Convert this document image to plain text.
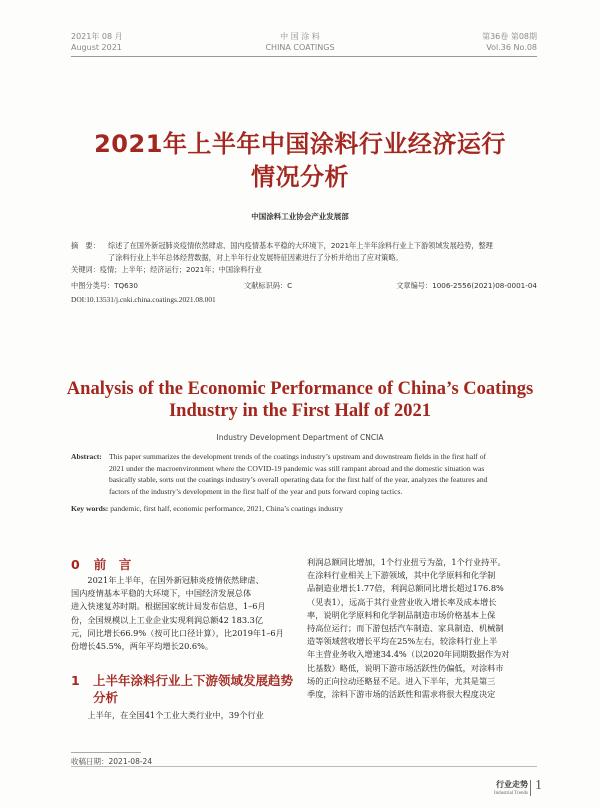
2021年 08 月
August 2021
中 国 涂 料
CHINA COATINGS
第36卷 第08期
Vol.36 No.08
2021年上半年中国涂料行业经济运行
情况分析
中国涂料工业协会产业发展部
摘　要： 综述了在国外新冠肺炎疫情依然肆虐、国内疫情基本平稳的大环境下，2021年上半年涂料行业上下游领域发展趋势，整理
了涂料行业上半年总体经营数据，对上半年行业发展特征因素进行了分析并给出了应对策略。
关键词：疫情；上半年；经济运行；2021年；中国涂料行业
中图分类号：TQ630	文献标识码：C	文章编号：1006-2556(2021)08-0001-04
DOI:10.13531/j.cnki.china.coatings.2021.08.001
Analysis of the Economic Performance of China’s Coatings
Industry in the First Half of 2021
Industry Development Department of CNCIA
Abstract: This paper summarizes the development trends of the coatings industry’s upstream and downstream fields in the first half of
2021 under the macroenvironment where the COVID-19 pandemic was still rampant abroad and the domestic situation was
basically stable, sorts out the coatings industry’s overall operating data for the first half of the year, analyzes the features and
factors of the industry’s development in the first half of the year and puts forward coping tactics.
Key words: pandemic, first half, economic performance, 2021, China’s coatings industry
0 前　言
　　2021年上半年，在国外新冠肺炎疫情依然肆虐、
国内疫情基本平稳的大环境下，中国经济发展总体
进入快速复苏时期。根据国家统计局发布信息，1–6月
份，全国规模以上工业企业实现利润总额42 183.3亿
元，同比增长66.9%（按可比口径计算），比2019年1–6月
份增长45.5%，两年平均增长20.6%。
1 上半年涂料行业上下游领域发展趋势
分析
　　上半年，在全国41个工业大类行业中，39个行业
利润总额同比增加，1个行业扭亏为盈，1个行业持平。
在涂料行业相关上下游领域，其中化学原料和化学制
品制造业增长1.77倍，利润总额同比增长超过176.8%
（见表1），远高于其行业营业收入增长率及成本增长
率，说明化学原料和化学制品制造市场价格基本上保
持高位运行；而下游包括汽车制造、家具制造、机械制
造等领域营收增长平均在25%左右，较涂料行业上半
年主营业务收入增速34.4%（以2020年同期数据作为对
比基数）略低，说明下游市场活跃性仍偏低，对涂料市
场的正向拉动还略显不足。进入下半年，尤其是第三
季度，涂料下游市场的活跃性和需求将很大程度决定
收稿日期：2021-08-24
行业走势
Industrial Trends
1
